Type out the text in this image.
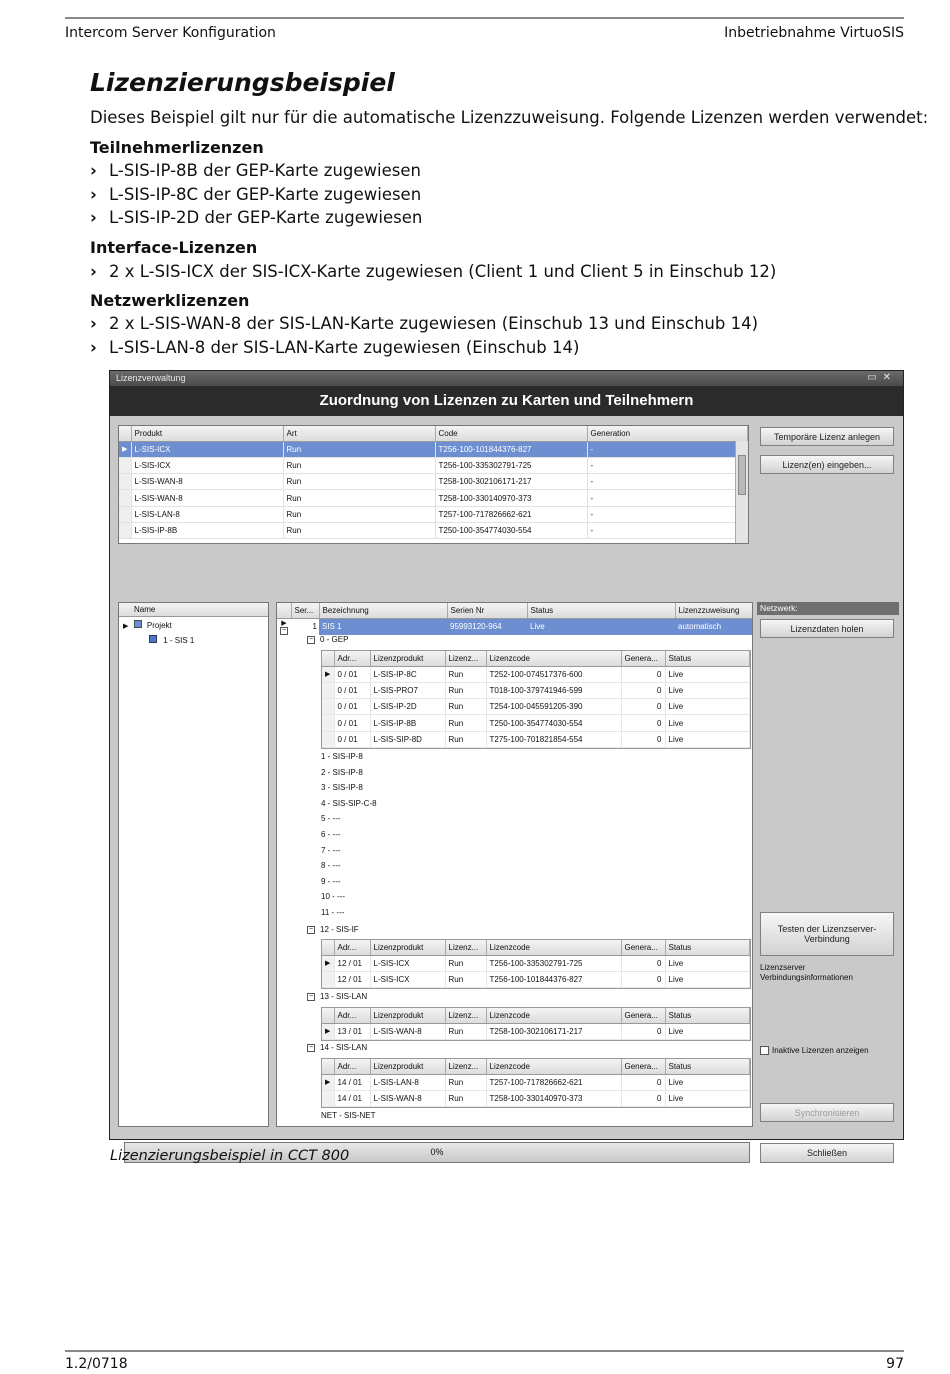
Intercom Server Konfiguration	Inbetriebnahme VirtuoSIS
Lizenzierungsbeispiel
Dieses Beispiel gilt nur für die automatische Lizenzzuweisung. Folgende Lizenzen werden verwendet:
Teilnehmerlizenzen
› L-SIS-IP-8B der GEP-Karte zugewiesen
› L-SIS-IP-8C der GEP-Karte zugewiesen
› L-SIS-IP-2D der GEP-Karte zugewiesen
Interface-Lizenzen
› 2 x L-SIS-ICX der SIS-ICX-Karte zugewiesen (Client 1 und Client 5 in Einschub 12)
Netzwerklizenzen
› 2 x L-SIS-WAN-8 der SIS-LAN-Karte zugewiesen (Einschub 13 und Einschub 14)
› L-SIS-LAN-8 der SIS-LAN-Karte zugewiesen (Einschub 14)
Lizenzverwaltung	▭✕
Zuordnung von Lizenzen zu Karten und Teilnehmern
	Produkt	Art	Code	Generation
▶	L-SIS-ICX	Run	T256-100-101844376-827	-
	L-SIS-ICX	Run	T256-100-335302791-725	-
	L-SIS-WAN-8	Run	T258-100-302106171-217	-
	L-SIS-WAN-8	Run	T258-100-330140970-373	-
	L-SIS-LAN-8	Run	T257-100-717826662-621	-
	L-SIS-IP-8B	Run	T250-100-354774030-554	-
Temporäre Lizenz anlegen
Lizenz(en) eingeben...
Name
▶ Projekt
1 - SIS 1
	Ser...	Bezeichnung	Serien Nr	Status	Lizenzzuweisung
▶ −	1	SIS 1	95993120-964	Live	automatisch
− 0 - GEP
	Adr...	Lizenzprodukt	Lizenz...	Lizenzcode	Genera...	Status
▶	0 / 01	L-SIS-IP-8C	Run	T252-100-074517376-600	0	Live
	0 / 01	L-SIS-PRO7	Run	T018-100-379741946-599	0	Live
	0 / 01	L-SIS-IP-2D	Run	T254-100-045591205-390	0	Live
	0 / 01	L-SIS-IP-8B	Run	T250-100-354774030-554	0	Live
	0 / 01	L-SIS-SIP-8D	Run	T275-100-701821854-554	0	Live
1 - SIS-IP-8
2 - SIS-IP-8
3 - SIS-IP-8
4 - SIS-SIP-C-8
5 - ---
6 - ---
7 - ---
8 - ---
9 - ---
10 - ---
11 - ---
− 12 - SIS-IF
	Adr...	Lizenzprodukt	Lizenz...	Lizenzcode	Genera...	Status
▶	12 / 01	L-SIS-ICX	Run	T256-100-335302791-725	0	Live
	12 / 01	L-SIS-ICX	Run	T256-100-101844376-827	0	Live
− 13 - SIS-LAN
	Adr...	Lizenzprodukt	Lizenz...	Lizenzcode	Genera...	Status
▶	13 / 01	L-SIS-WAN-8	Run	T258-100-302106171-217	0	Live
− 14 - SIS-LAN
	Adr...	Lizenzprodukt	Lizenz...	Lizenzcode	Genera...	Status
▶	14 / 01	L-SIS-LAN-8	Run	T257-100-717826662-621	0	Live
	14 / 01	L-SIS-WAN-8	Run	T258-100-330140970-373	0	Live
NET - SIS-NET
Netzwerk:
Lizenzdaten holen
Testen der Lizenzserver-Verbindung
Lizenzserver
Verbindungsinformationen
Inaktive Lizenzen anzeigen
Synchronisieren
0%	Schließen
Lizenzierungsbeispiel in CCT 800
1.2/0718	97
